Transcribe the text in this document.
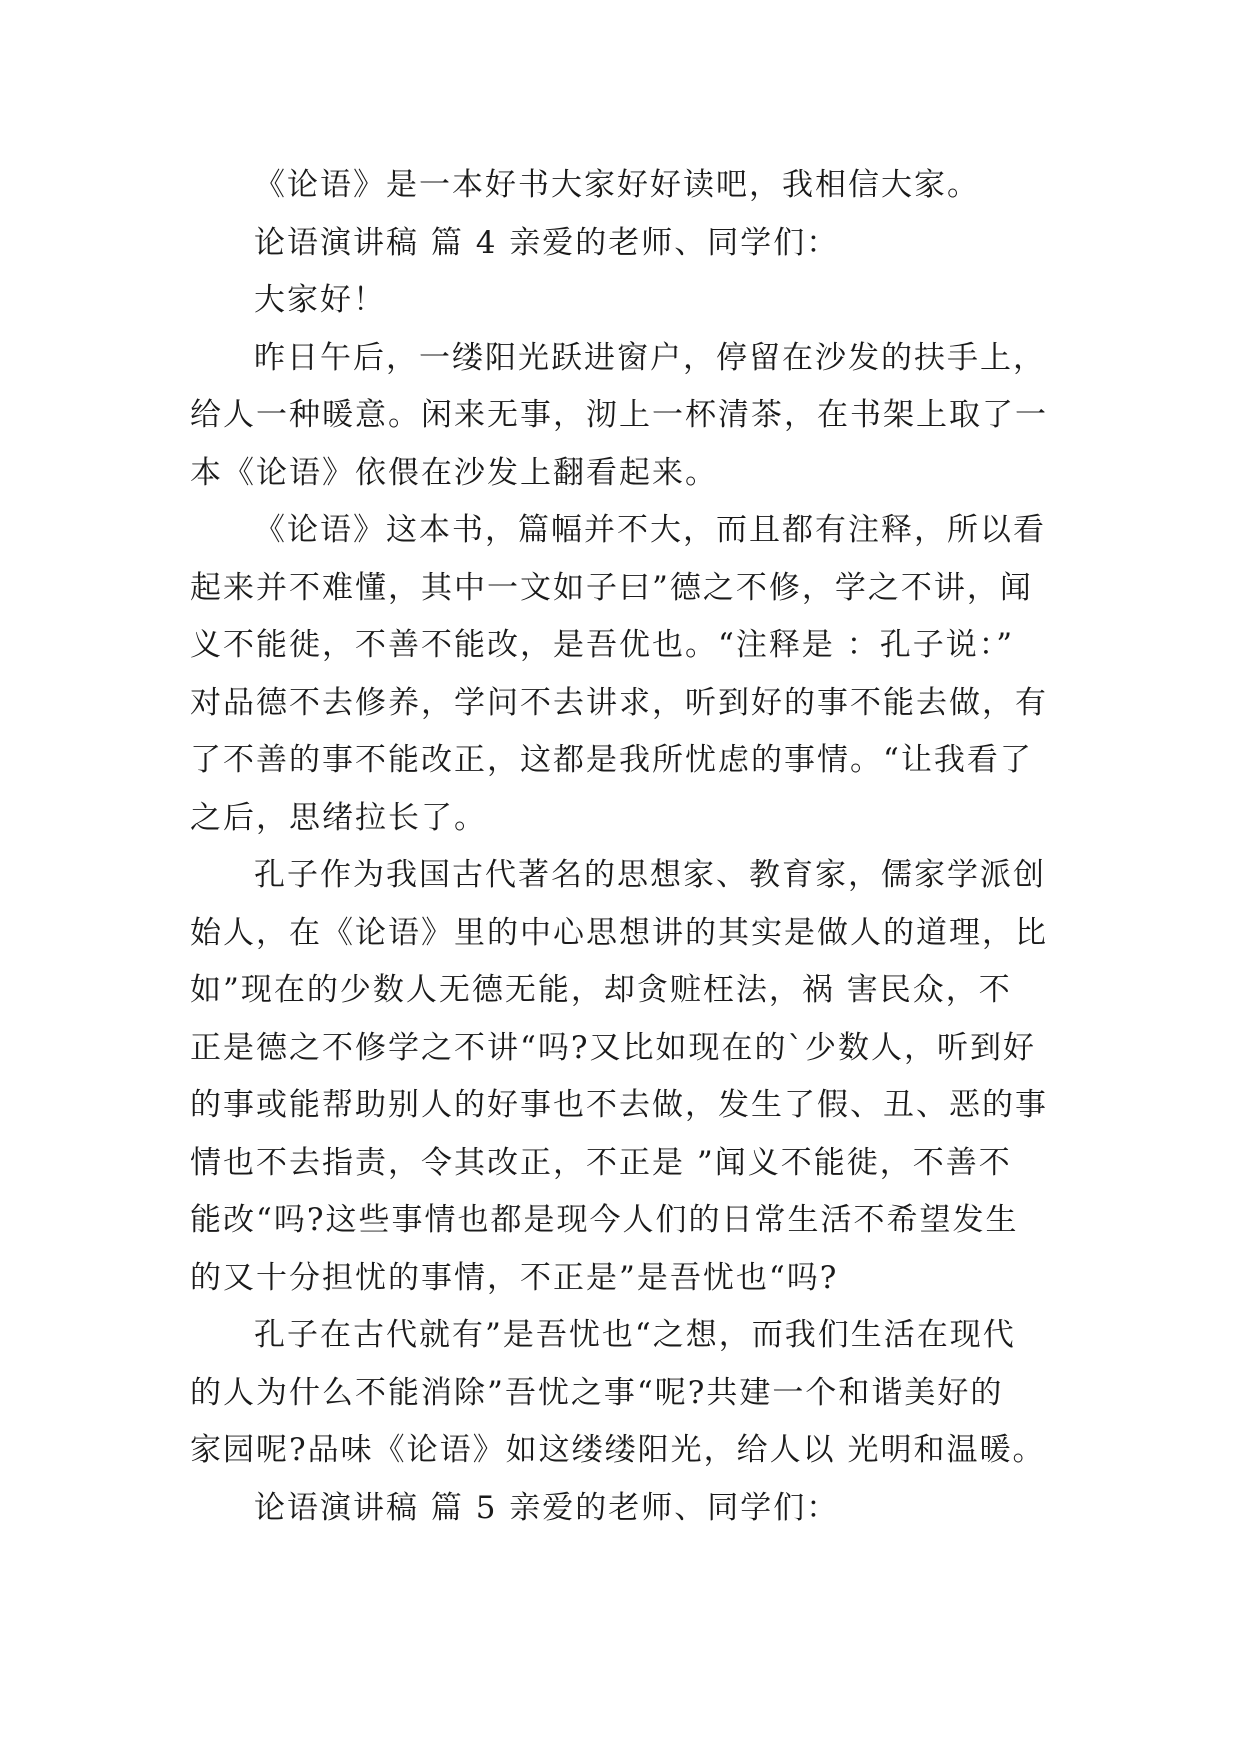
《论语》是一本好书大家好好读吧，我相信大家。
论语演讲稿 篇 4 亲爱的老师、同学们：
大家好！
昨日午后，一缕阳光跃进窗户，停留在沙发的扶手上，
给人一种暖意。闲来无事，沏上一杯清茶，在书架上取了一
本《论语》依偎在沙发上翻看起来。
《论语》这本书，篇幅并不大，而且都有注释，所以看
起来并不难懂，其中一文如子曰”德之不修，学之不讲，闻
义不能徙，不善不能改，是吾优也。“注释是 ：孔子说：”
对品德不去修养，学问不去讲求，听到好的事不能去做，有
了不善的事不能改正，这都是我所忧虑的事情。“让我看了
之后，思绪拉长了。
孔子作为我国古代著名的思想家、教育家，儒家学派创
始人，在《论语》里的中心思想讲的其实是做人的道理，比
如”现在的少数人无德无能，却贪赃枉法，祸 害民众，不
正是德之不修学之不讲“吗?又比如现在的`少数人，听到好
的事或能帮助别人的好事也不去做，发生了假、丑、恶的事
情也不去指责，令其改正，不正是 ”闻义不能徙，不善不
能改“吗?这些事情也都是现今人们的日常生活不希望发生
的又十分担忧的事情，不正是”是吾忧也“吗?
孔子在古代就有”是吾忧也“之想，而我们生活在现代
的人为什么不能消除”吾忧之事“呢?共建一个和谐美好的
家园呢?品味《论语》如这缕缕阳光，给人以 光明和温暖。
论语演讲稿 篇 5 亲爱的老师、同学们：
